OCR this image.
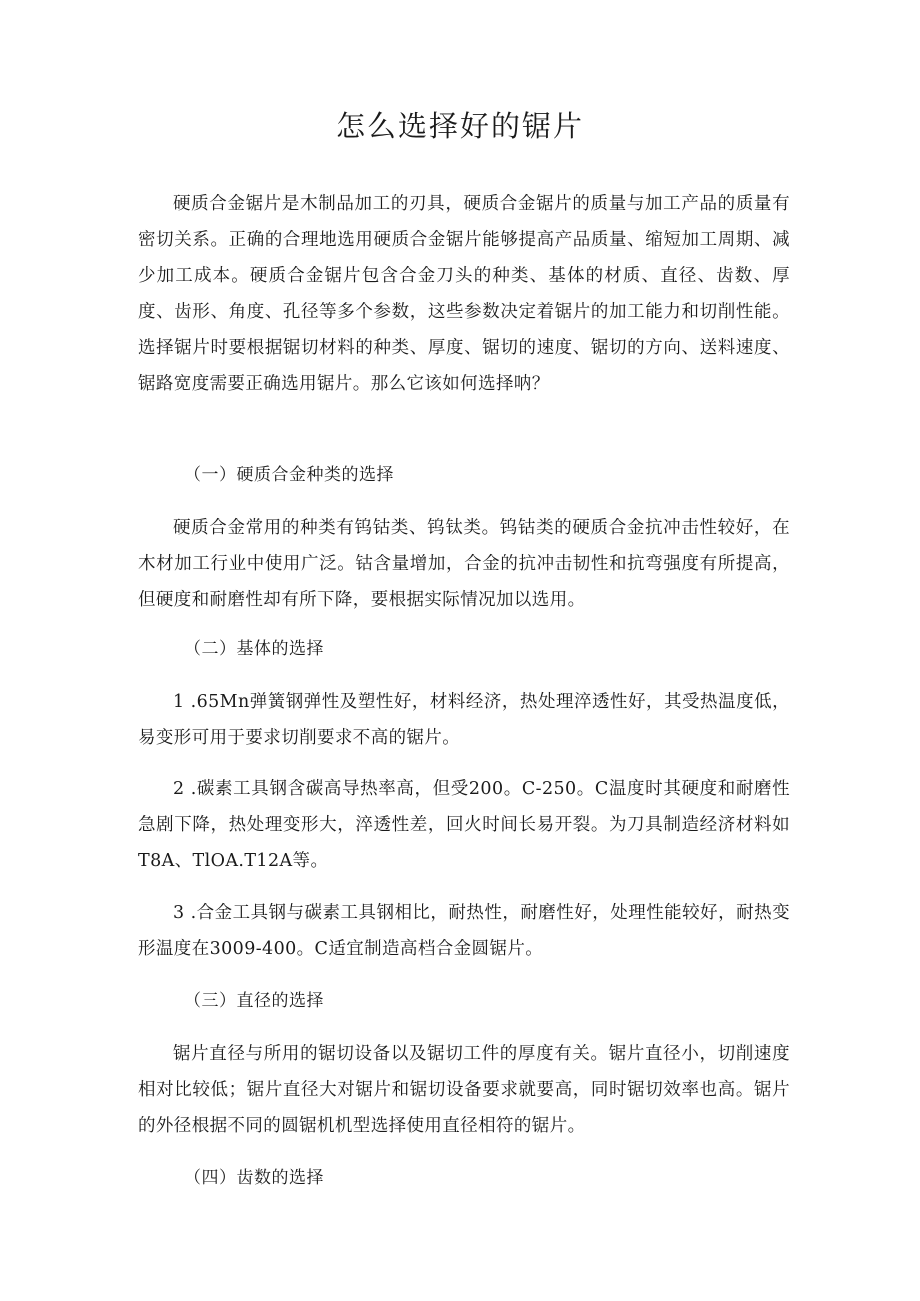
怎么选择好的锯片

硬质合金锯片是木制品加工的刃具，硬质合金锯片的质量与加工产品的质量有密切关系。正确的合理地选用硬质合金锯片能够提高产品质量、缩短加工周期、减少加工成本。硬质合金锯片包含合金刀头的种类、基体的材质、直径、齿数、厚度、齿形、角度、孔径等多个参数，这些参数决定着锯片的加工能力和切削性能。选择锯片时要根据锯切材料的种类、厚度、锯切的速度、锯切的方向、送料速度、锯路宽度需要正确选用锯片。那么它该如何选择呐？

（一）硬质合金种类的选择

硬质合金常用的种类有钨钴类、钨钛类。钨钴类的硬质合金抗冲击性较好，在木材加工行业中使用广泛。钴含量增加，合金的抗冲击韧性和抗弯强度有所提高，但硬度和耐磨性却有所下降，要根据实际情况加以选用。

（二）基体的选择

1 .65Mn弹簧钢弹性及塑性好，材料经济，热处理淬透性好，其受热温度低，易变形可用于要求切削要求不高的锯片。

2 .碳素工具钢含碳高导热率高，但受200。C-250。C温度时其硬度和耐磨性急剧下降，热处理变形大，淬透性差，回火时间长易开裂。为刀具制造经济材料如T8A、TlOA.T12A等。

3 .合金工具钢与碳素工具钢相比，耐热性，耐磨性好，处理性能较好，耐热变形温度在3009-400。C适宜制造高档合金圆锯片。

（三）直径的选择

锯片直径与所用的锯切设备以及锯切工件的厚度有关。锯片直径小，切削速度相对比较低；锯片直径大对锯片和锯切设备要求就要高，同时锯切效率也高。锯片的外径根据不同的圆锯机机型选择使用直径相符的锯片。

（四）齿数的选择
